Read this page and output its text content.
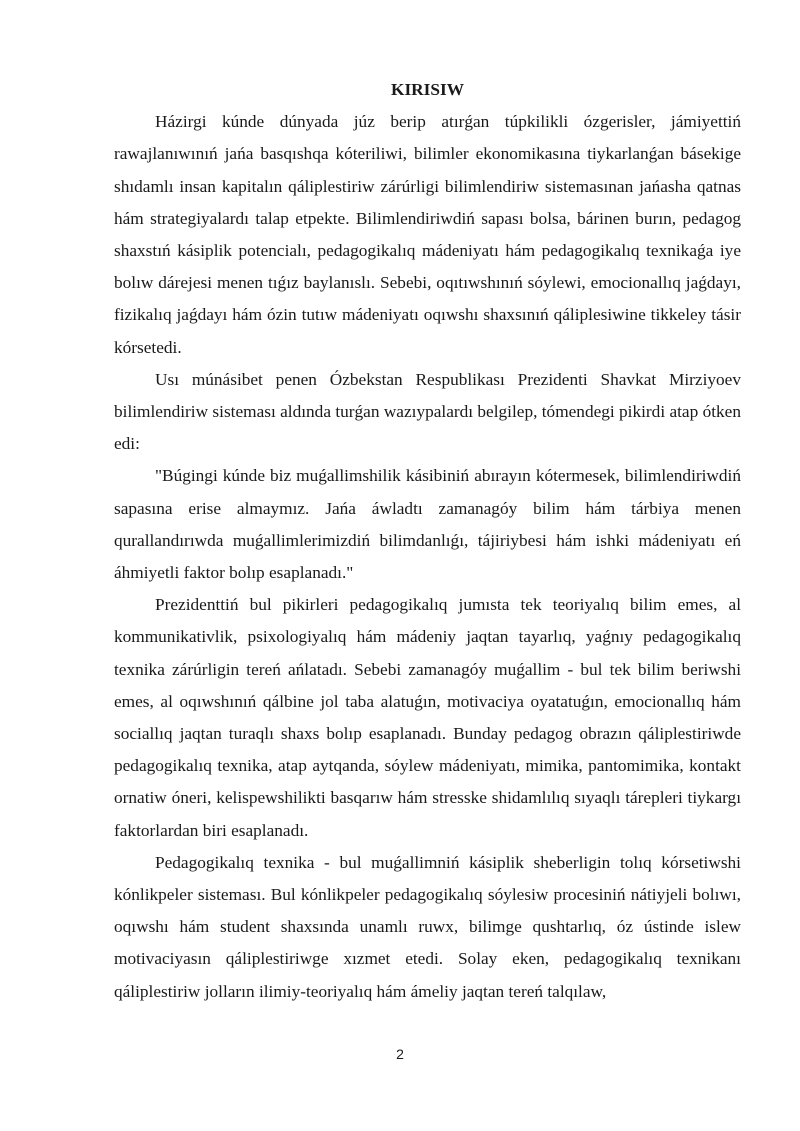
KIRISIW

Házirgi kúnde dúnyada júz berip atırǵan túpkilikli ózgerisler, jámiyettiń rawajlanıwınıń jańa basqıshqa kóteriliwi, bilimler ekonomikasına tiykarlanǵan básekige shıdamlı insan kapitalın qáliplestiriw zárúrligi bilimlendiriw sistemasınan jańasha qatnas hám strategiyalardı talap etpekte. Bilimlendiriwdiń sapası bolsa, bárinen burın, pedagog shaxstıń kásiplik potencialı, pedagogikalıq mádeniyatı hám pedagogikalıq texnikaǵa iye bolıw dárejesi menen tıǵız baylanıslı. Sebebi, oqıtıwshınıń sóylewi, emocionallıq jaǵdayı, fizikalıq jaǵdayı hám ózin tutıw mádeniyatı oqıwshı shaxsınıń qáliplesiwine tikkeley tásir kórsetedi.

Usı múnásibet penen Ózbekstan Respublikası Prezidenti Shavkat Mirziyoev bilimlendiriw sisteması aldında turǵan wazıypalardı belgilep, tómendegi pikirdi atap ótken edi:

"Búgingi kúnde biz muǵallimshilik kásibiniń abırayın kótermesek, bilimlendiriwdiń sapasına erise almaymız. Jańa áwladtı zamanagóy bilim hám tárbiya menen qurallandırıwda muǵallimlerimizdiń bilimdanlıǵı, tájiriybesi hám ishki mádeniyatı eń áhmiyetli faktor bolıp esaplanadı."

Prezidenttiń bul pikirleri pedagogikalıq jumısta tek teoriyalıq bilim emes, al kommunikativlik, psixologiyalıq hám mádeniy jaqtan tayarlıq, yaǵnıy pedagogikalıq texnika zárúrligin tereń ańlatadı. Sebebi zamanagóy muǵallim - bul tek bilim beriwshi emes, al oqıwshınıń qálbine jol taba alatuǵın, motivaciya oyatatuǵın, emocionallıq hám sociallıq jaqtan turaqlı shaxs bolıp esaplanadı. Bunday pedagog obrazın qáliplestiriwde pedagogikalıq texnika, atap aytqanda, sóylew mádeniyatı, mimika, pantomimika, kontakt ornatiw óneri, kelispewshilikti basqarıw hám stresske shidamlılıq sıyaqlı tárepleri tiykargı faktorlardan biri esaplanadı.

Pedagogikalıq texnika - bul muǵallimniń kásiplik sheberligin tolıq kórsetiwshi kónlikpeler sisteması. Bul kónlikpeler pedagogikalıq sóylesiw procesiniń nátiyjeli bolıwı, oqıwshı hám student shaxsında unamlı ruwx, bilimge qushtarlıq, óz ústinde islew motivaciyasın qáliplestiriwge xızmet etedi. Solay eken, pedagogikalıq texnikanı qáliplestiriw jolların ilimiy-teoriyalıq hám ámeliy jaqtan tereń talqılaw,

2
